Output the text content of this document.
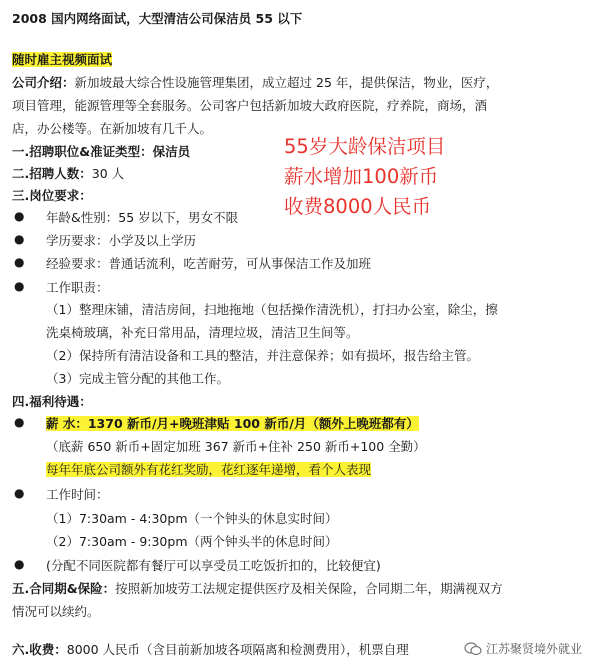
2008 国内网络面试，大型清洁公司保洁员 55 以下
随时雇主视频面试
公司介绍：新加坡最大综合性设施管理集团，成立超过 25 年，提供保洁，物业，医疗，
项目管理，能源管理等全套服务。公司客户包括新加坡大政府医院，疗养院，商场，酒
店，办公楼等。在新加坡有几千人。
一.招聘职位&准证类型：保洁员
二.招聘人数：30 人
三.岗位要求：
● 年龄&性别：55 岁以下，男女不限
● 学历要求：小学及以上学历
● 经验要求：普通话流利，吃苦耐劳，可从事保洁工作及加班
● 工作职责：
（1）整理床铺，清洁房间，扫地拖地（包括操作清洗机），打扫办公室，除尘，擦
洗桌椅玻璃，补充日常用品，清理垃圾，清洁卫生间等。
（2）保持所有清洁设备和工具的整洁，并注意保养；如有损坏，报告给主管。
（3）完成主管分配的其他工作。
四.福利待遇：
● 薪 水：1370 新币/月+晚班津贴 100 新币/月（额外上晚班都有）
（底薪 650 新币+固定加班 367 新币+住补 250 新币+100 全勤）
每年年底公司额外有花红奖励，花红逐年递增，看个人表现
● 工作时间：
（1）7:30am - 4:30pm（一个钟头的休息实时间）
（2）7:30am - 9:30pm（两个钟头半的休息时间）
● (分配不同医院都有餐厅可以享受员工吃饭折扣的，比较便宜)
五.合同期&保险：按照新加坡劳工法规定提供医疗及相关保险，合同期二年，期满视双方
情况可以续约。
六.收费：8000 人民币（含目前新加坡各项隔离和检测费用），机票自理
55岁大龄保洁项目
薪水增加100新币
收费8000人民币
江苏聚贤境外就业
